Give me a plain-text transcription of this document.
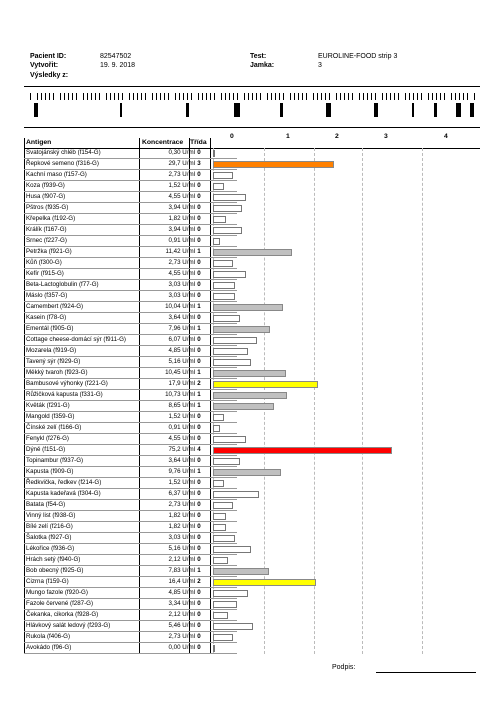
Pacient ID:	82547502
Vytvořit:	19. 9. 2018
Výsledky z:
Test:	EUROLINE-FOOD strip 3
Jamka:	3
Antigen	Koncentrace Třída
0	1	2	3	4
Svatojánský chléb (f154-G)	0,30 U/ml 0
Řepkové semeno (f316-G)	29,7 U/ml 3
Kachní maso (f157-G)	2,73 U/ml 0
Koza (f939-G)	1,52 U/ml 0
Husa (f907-G)	4,55 U/ml 0
Pštros (f935-G)	3,94 U/ml 0
Křepelka (f192-G)	1,82 U/ml 0
Králík (f167-G)	3,94 U/ml 0
Srnec (f227-G)	0,91 U/ml 0
Petržka (f921-G)	11,42 U/ml 1
Kůň (f300-G)	2,73 U/ml 0
Kefír (f915-G)	4,55 U/ml 0
Beta-Lactoglobulin (f77-G)	3,03 U/ml 0
Máslo (f357-G)	3,03 U/ml 0
Camembert (f924-G)	10,04 U/ml 1
Kasein (f78-G)	3,64 U/ml 0
Ementál (f905-G)	7,96 U/ml 1
Cottage cheese-domácí sýr (f911-G)	6,07 U/ml 0
Mozarela (f919-G)	4,85 U/ml 0
Tavený sýr (f929-G)	5,16 U/ml 0
Měkký tvaroh (f923-G)	10,45 U/ml 1
Bambusové výhonky (f221-G)	17,9 U/ml 2
Růžičková kapusta (f331-G)	10,73 U/ml 1
Květák (f291-G)	8,65 U/ml 1
Mangold (f359-G)	1,52 U/ml 0
Čínské zelí (f166-G)	0,91 U/ml 0
Fenykl (f276-G)	4,55 U/ml 0
Dýně (f151-G)	75,2 U/ml 4
Topinambur (f937-G)	3,64 U/ml 0
Kapusta (f909-G)	9,76 U/ml 1
Ředkvička, ředkev (f214-G)	1,52 U/ml 0
Kapusta kadeřavá (f304-G)	6,37 U/ml 0
Batata (f54-G)	2,73 U/ml 0
Vinný list (f938-G)	1,82 U/ml 0
Bílé zelí (f216-G)	1,82 U/ml 0
Šalotka (f927-G)	3,03 U/ml 0
Lékořice (f936-G)	5,16 U/ml 0
Hrách setý (f940-G)	2,12 U/ml 0
Bob obecný (f925-G)	7,83 U/ml 1
Cizrna (f159-G)	16,4 U/ml 2
Mungo fazole (f920-G)	4,85 U/ml 0
Fazole červené (f287-G)	3,34 U/ml 0
Čekanka, cikorka (f928-G)	2,12 U/ml 0
Hlávkový salát ledový (f293-G)	5,46 U/ml 0
Rukola (f406-G)	2,73 U/ml 0
Avokádo (f96-G)	0,00 U/ml 0
Podpis:
